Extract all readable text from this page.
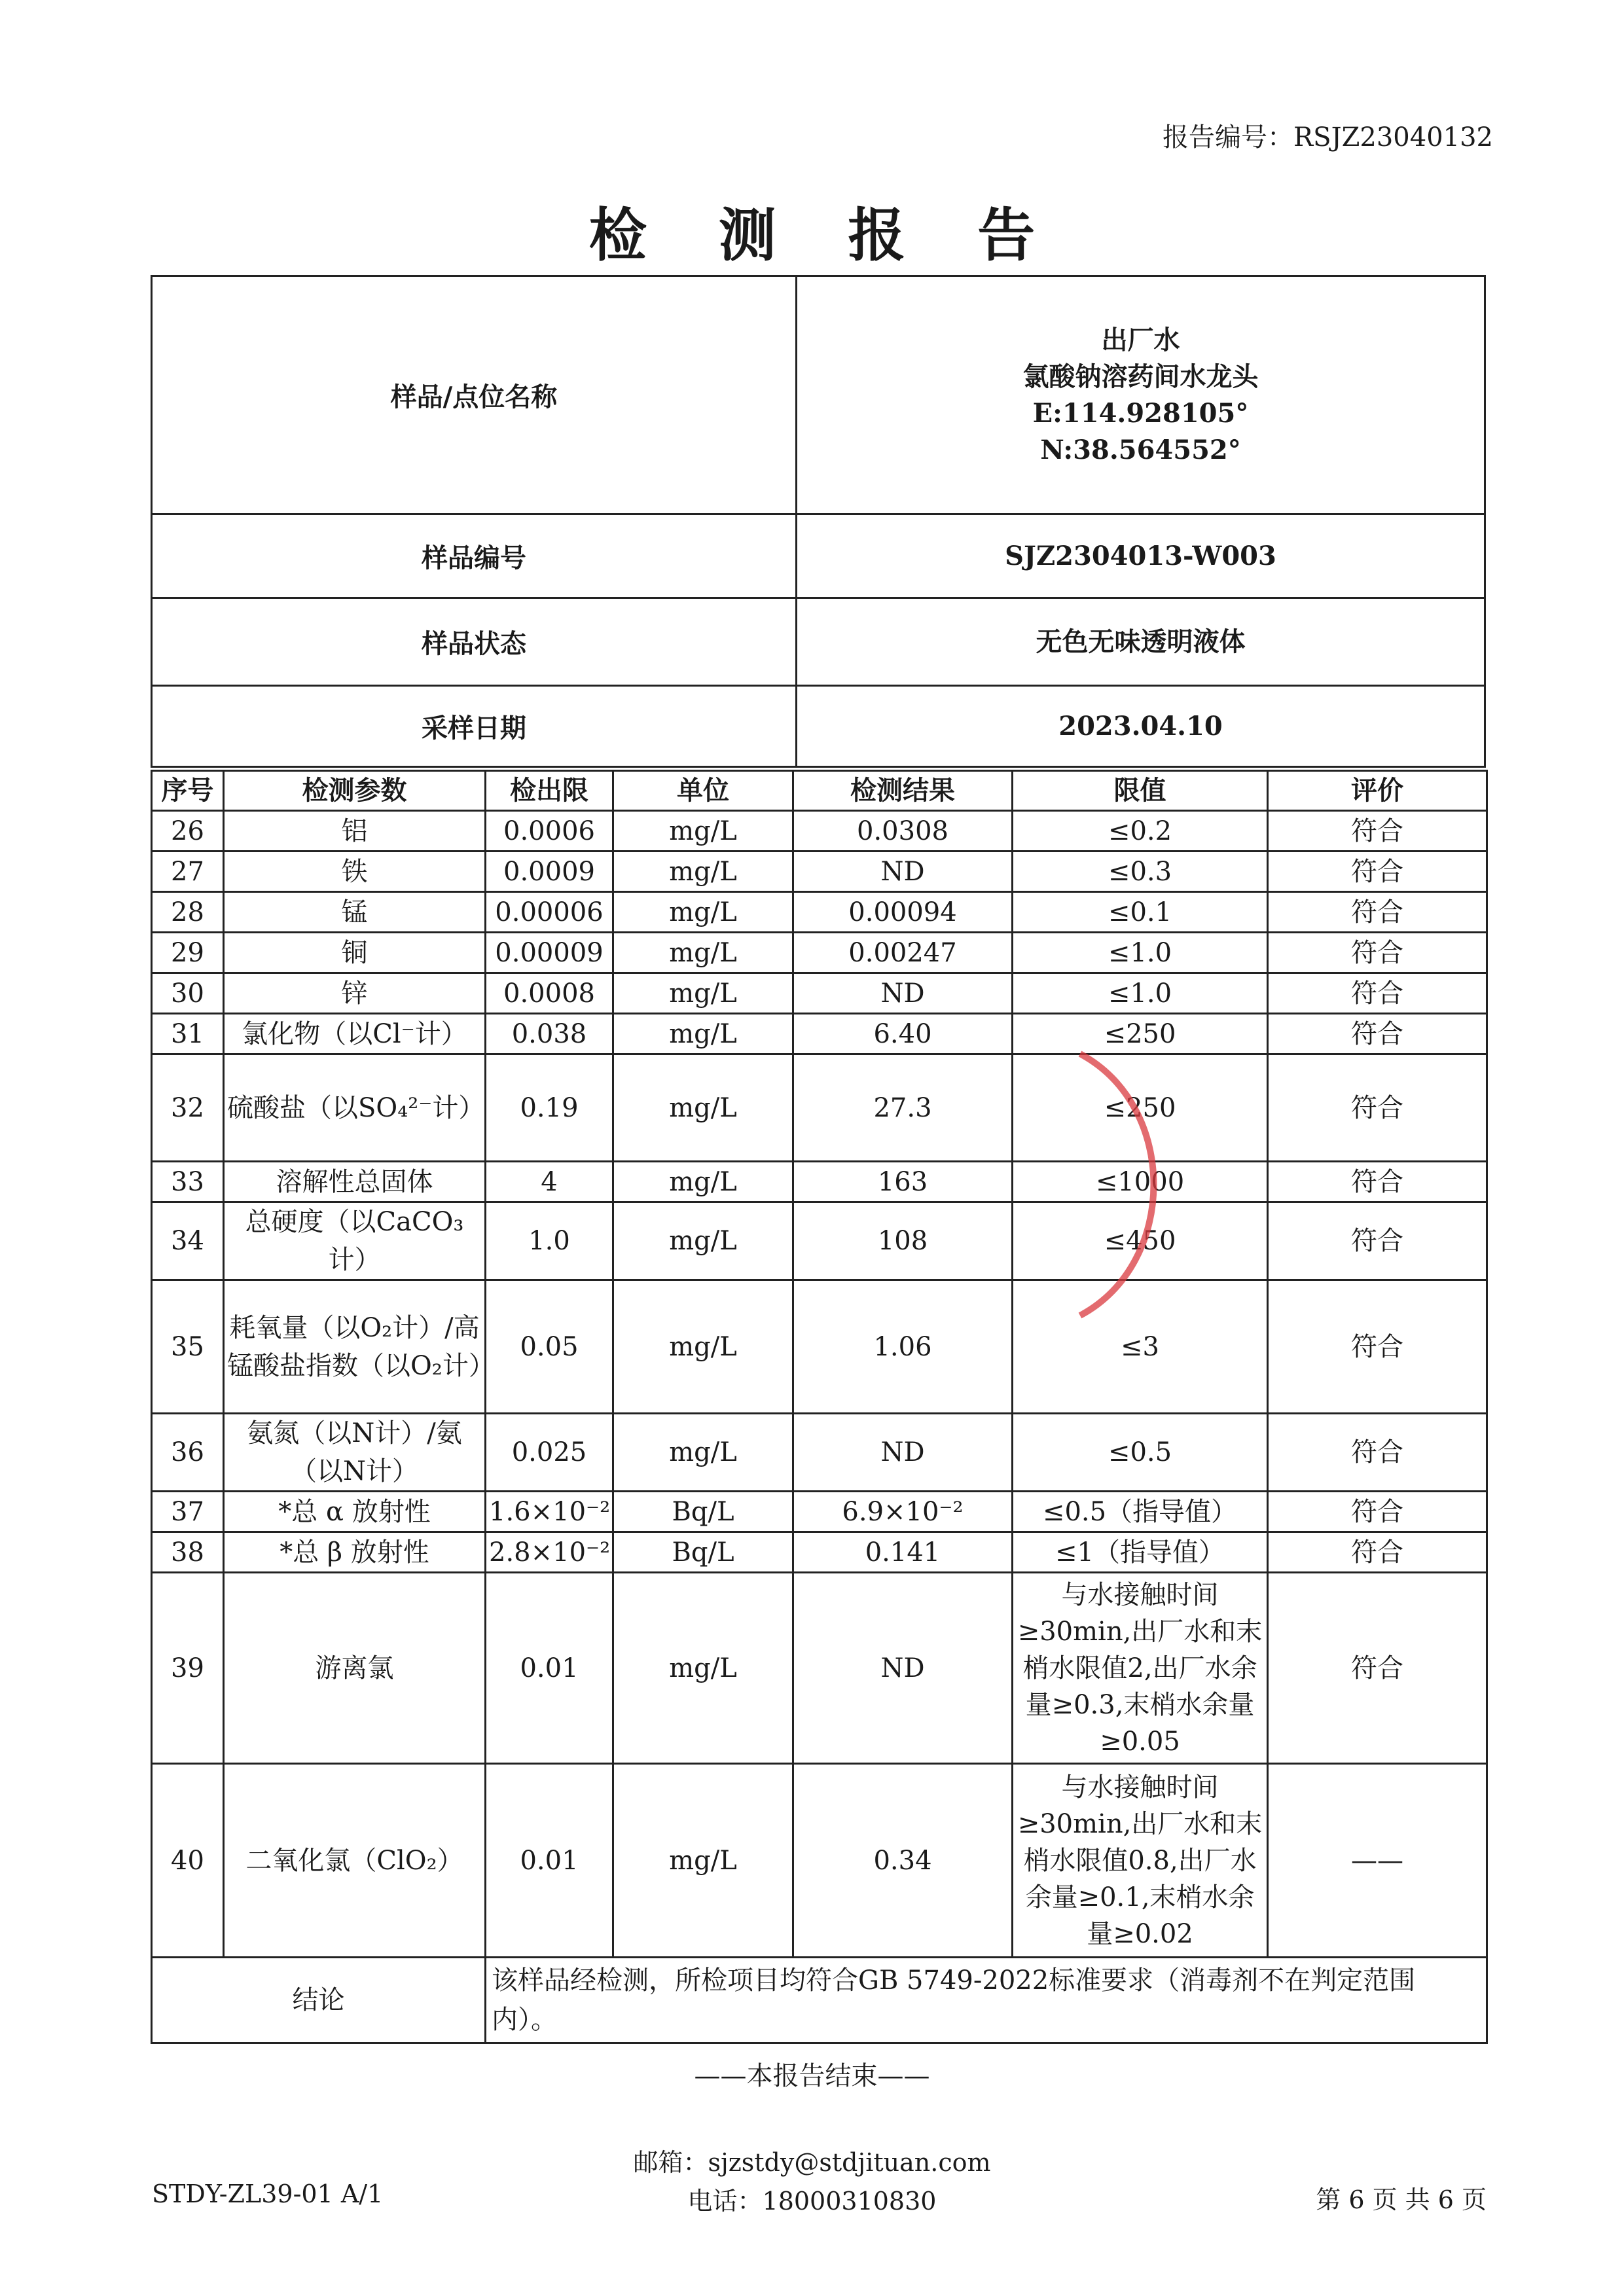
报告编号：RSJZ23040132
检 测 报 告
样品/点位名称	出厂水
氯酸钠溶药间水龙头
E:114.928105°
N:38.564552°

样品编号	SJZ2304013-W003
样品状态	无色无味透明液体
采样日期	2023.04.10
序号	检测参数	检出限	单位	检测结果	限值	评价
26	铝	0.0006	mg/L	0.0308	≤0.2	符合
27	铁	0.0009	mg/L	ND	≤0.3	符合
28	锰	0.00006	mg/L	0.00094	≤0.1	符合
29	铜	0.00009	mg/L	0.00247	≤1.0	符合
30	锌	0.0008	mg/L	ND	≤1.0	符合
31	氯化物（以Cl⁻计）	0.038	mg/L	6.40	≤250	符合
32	硫酸盐（以SO₄²⁻计）	0.19	mg/L	27.3	≤250	符合
33	溶解性总固体	4	mg/L	163	≤1000	符合
34	总硬度（以CaCO₃计）	1.0	mg/L	108	≤450	符合
35	耗氧量（以O₂计）/高锰酸盐指数（以O₂计）	0.05	mg/L	1.06	≤3	符合
36	氨氮（以N计）/氨（以N计）	0.025	mg/L	ND	≤0.5	符合
37	*总 α 放射性	1.6×10⁻²	Bq/L	6.9×10⁻²	≤0.5（指导值）	符合
38	*总 β 放射性	2.8×10⁻²	Bq/L	0.141	≤1（指导值）	符合
39	游离氯	0.01	mg/L	ND	与水接触时间≥30min,出厂水和末梢水限值2,出厂水余量≥0.3,末梢水余量≥0.05	符合
40	二氧化氯（ClO₂）	0.01	mg/L	0.34	与水接触时间≥30min,出厂水和末梢水限值0.8,出厂水余量≥0.1,末梢水余量≥0.02	——
结论		该样品经检测，所检项目均符合GB 5749-2022标准要求（消毒剂不在判定范围内）。				
——本报告结束——
邮箱：sjzstdy@stdjituan.com
电话：18000310830
STDY-ZL39-01 A/1	第 6 页 共 6 页
